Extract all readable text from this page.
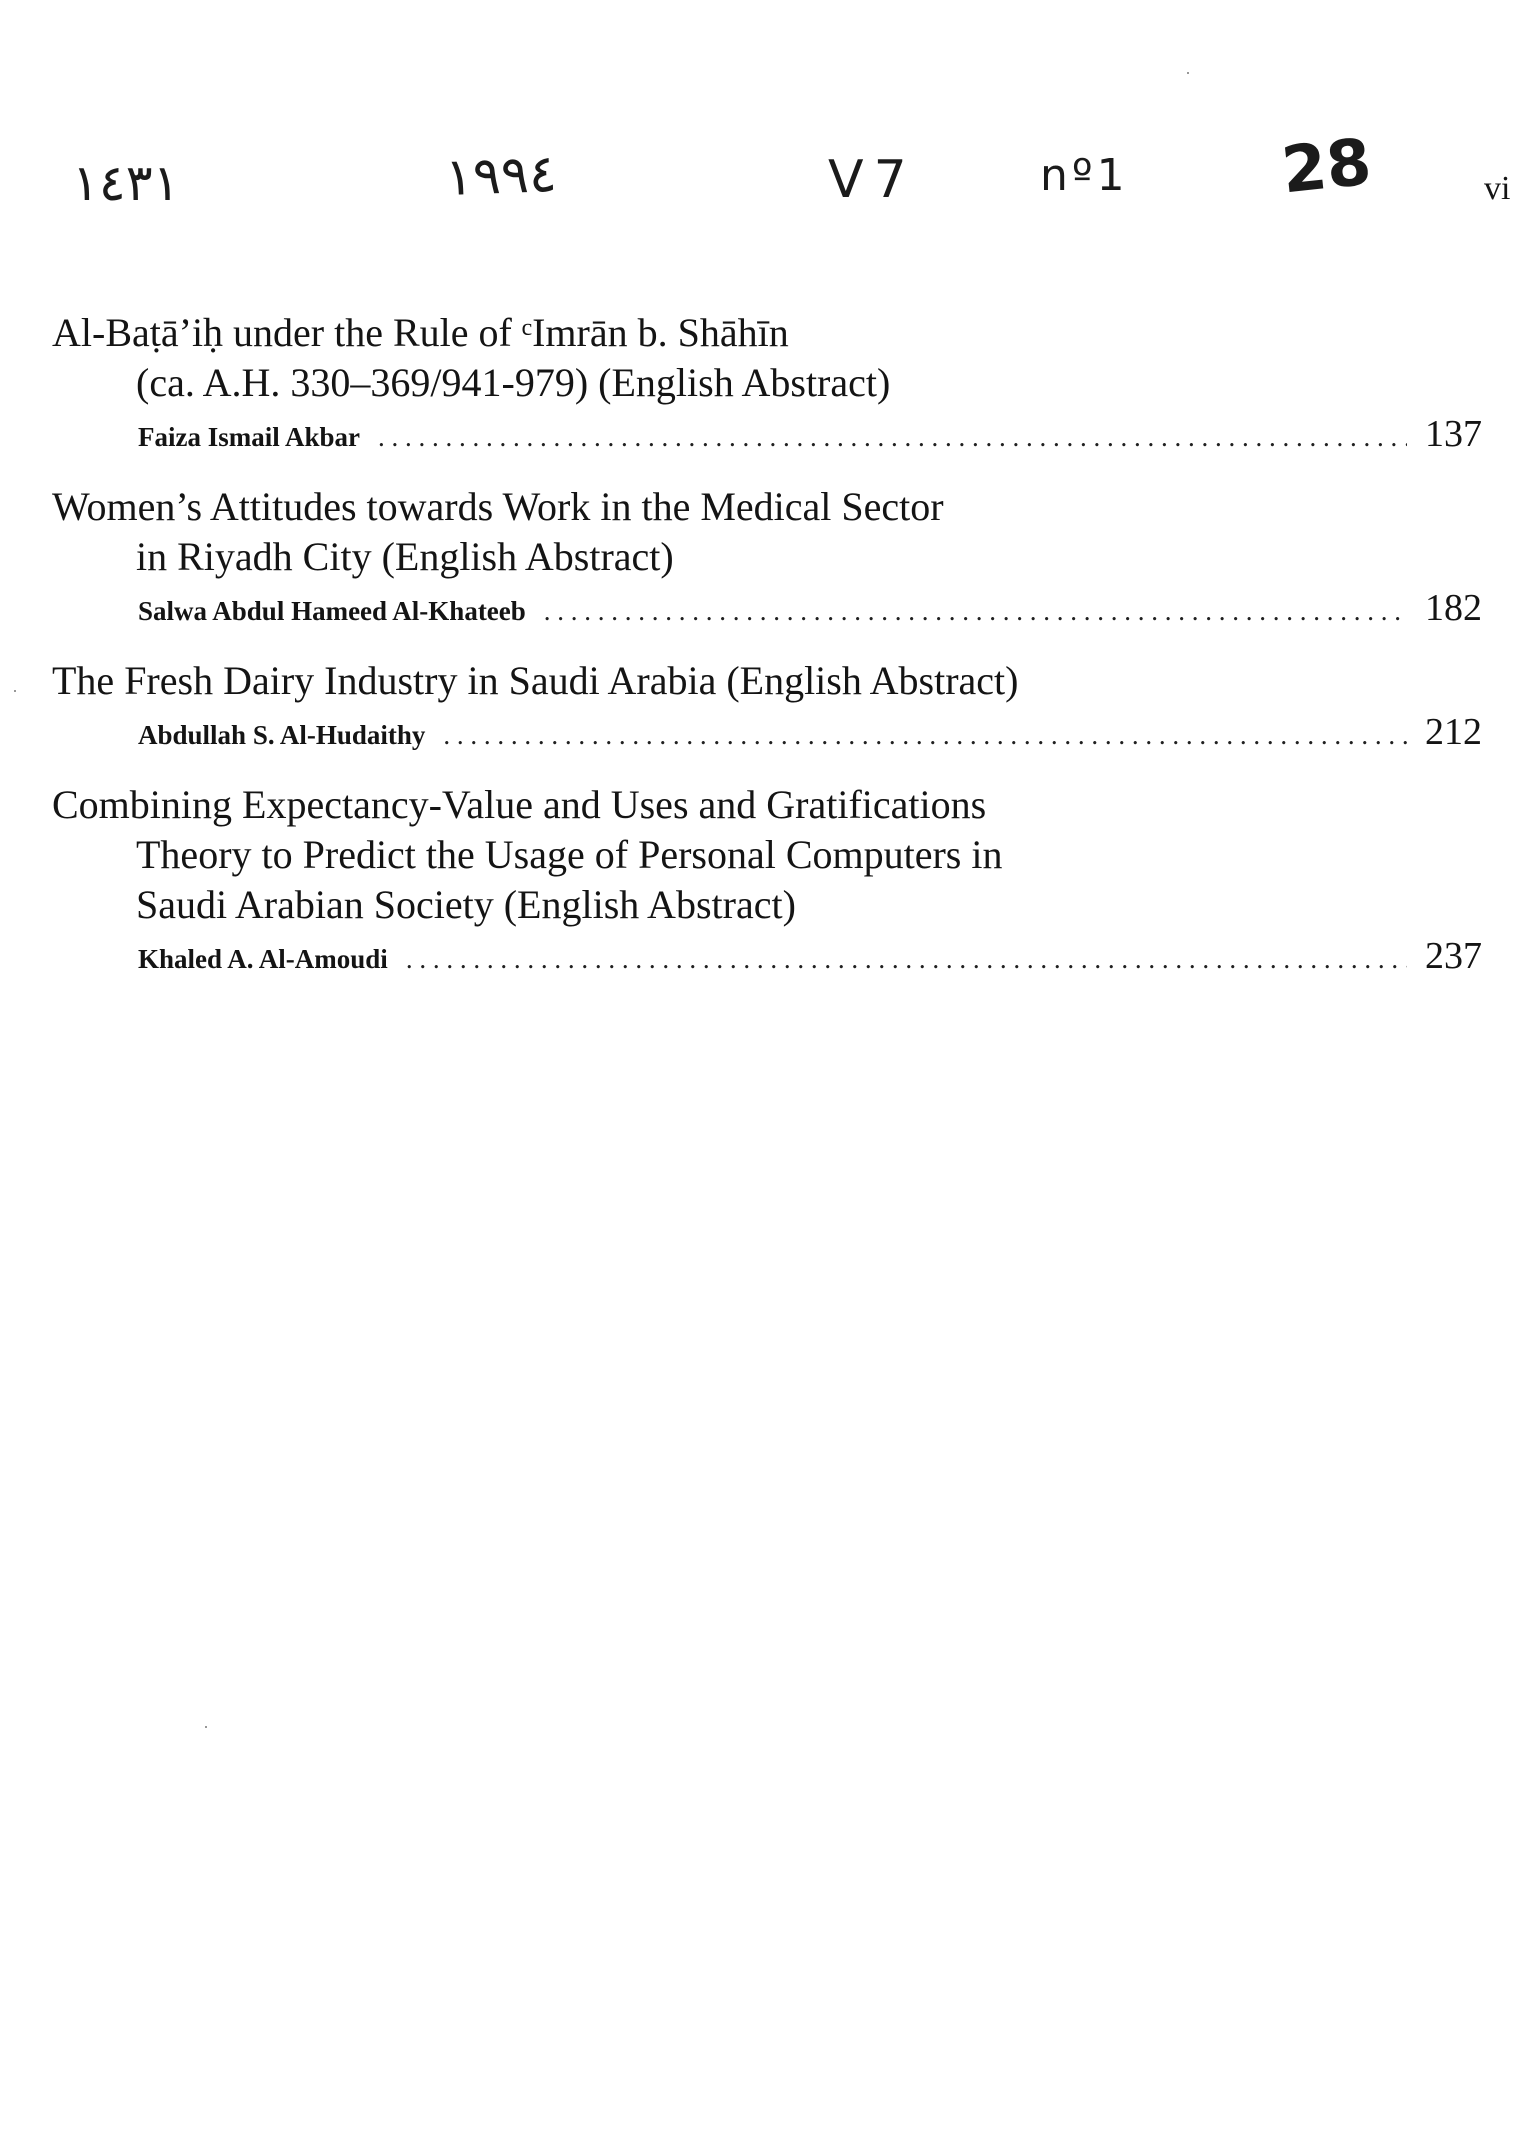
١٤٣١	١٩٩٤	V7	nº1 28	vi
Al-Baṭā’iḥ under the Rule of ᶜImrān b. Shāhīn
(ca. A.H. 330–369/941-979) (English Abstract)
Faiza Ismail Akbar . . .	137
Women’s Attitudes towards Work in the Medical Sector
in Riyadh City (English Abstract)
Salwa Abdul Hameed Al-Khateeb . . .	182
The Fresh Dairy Industry in Saudi Arabia (English Abstract)
Abdullah S. Al-Hudaithy . . .	212
Combining Expectancy-Value and Uses and Gratifications
Theory to Predict the Usage of Personal Computers in
Saudi Arabian Society (English Abstract)
Khaled A. Al-Amoudi . . .	237
